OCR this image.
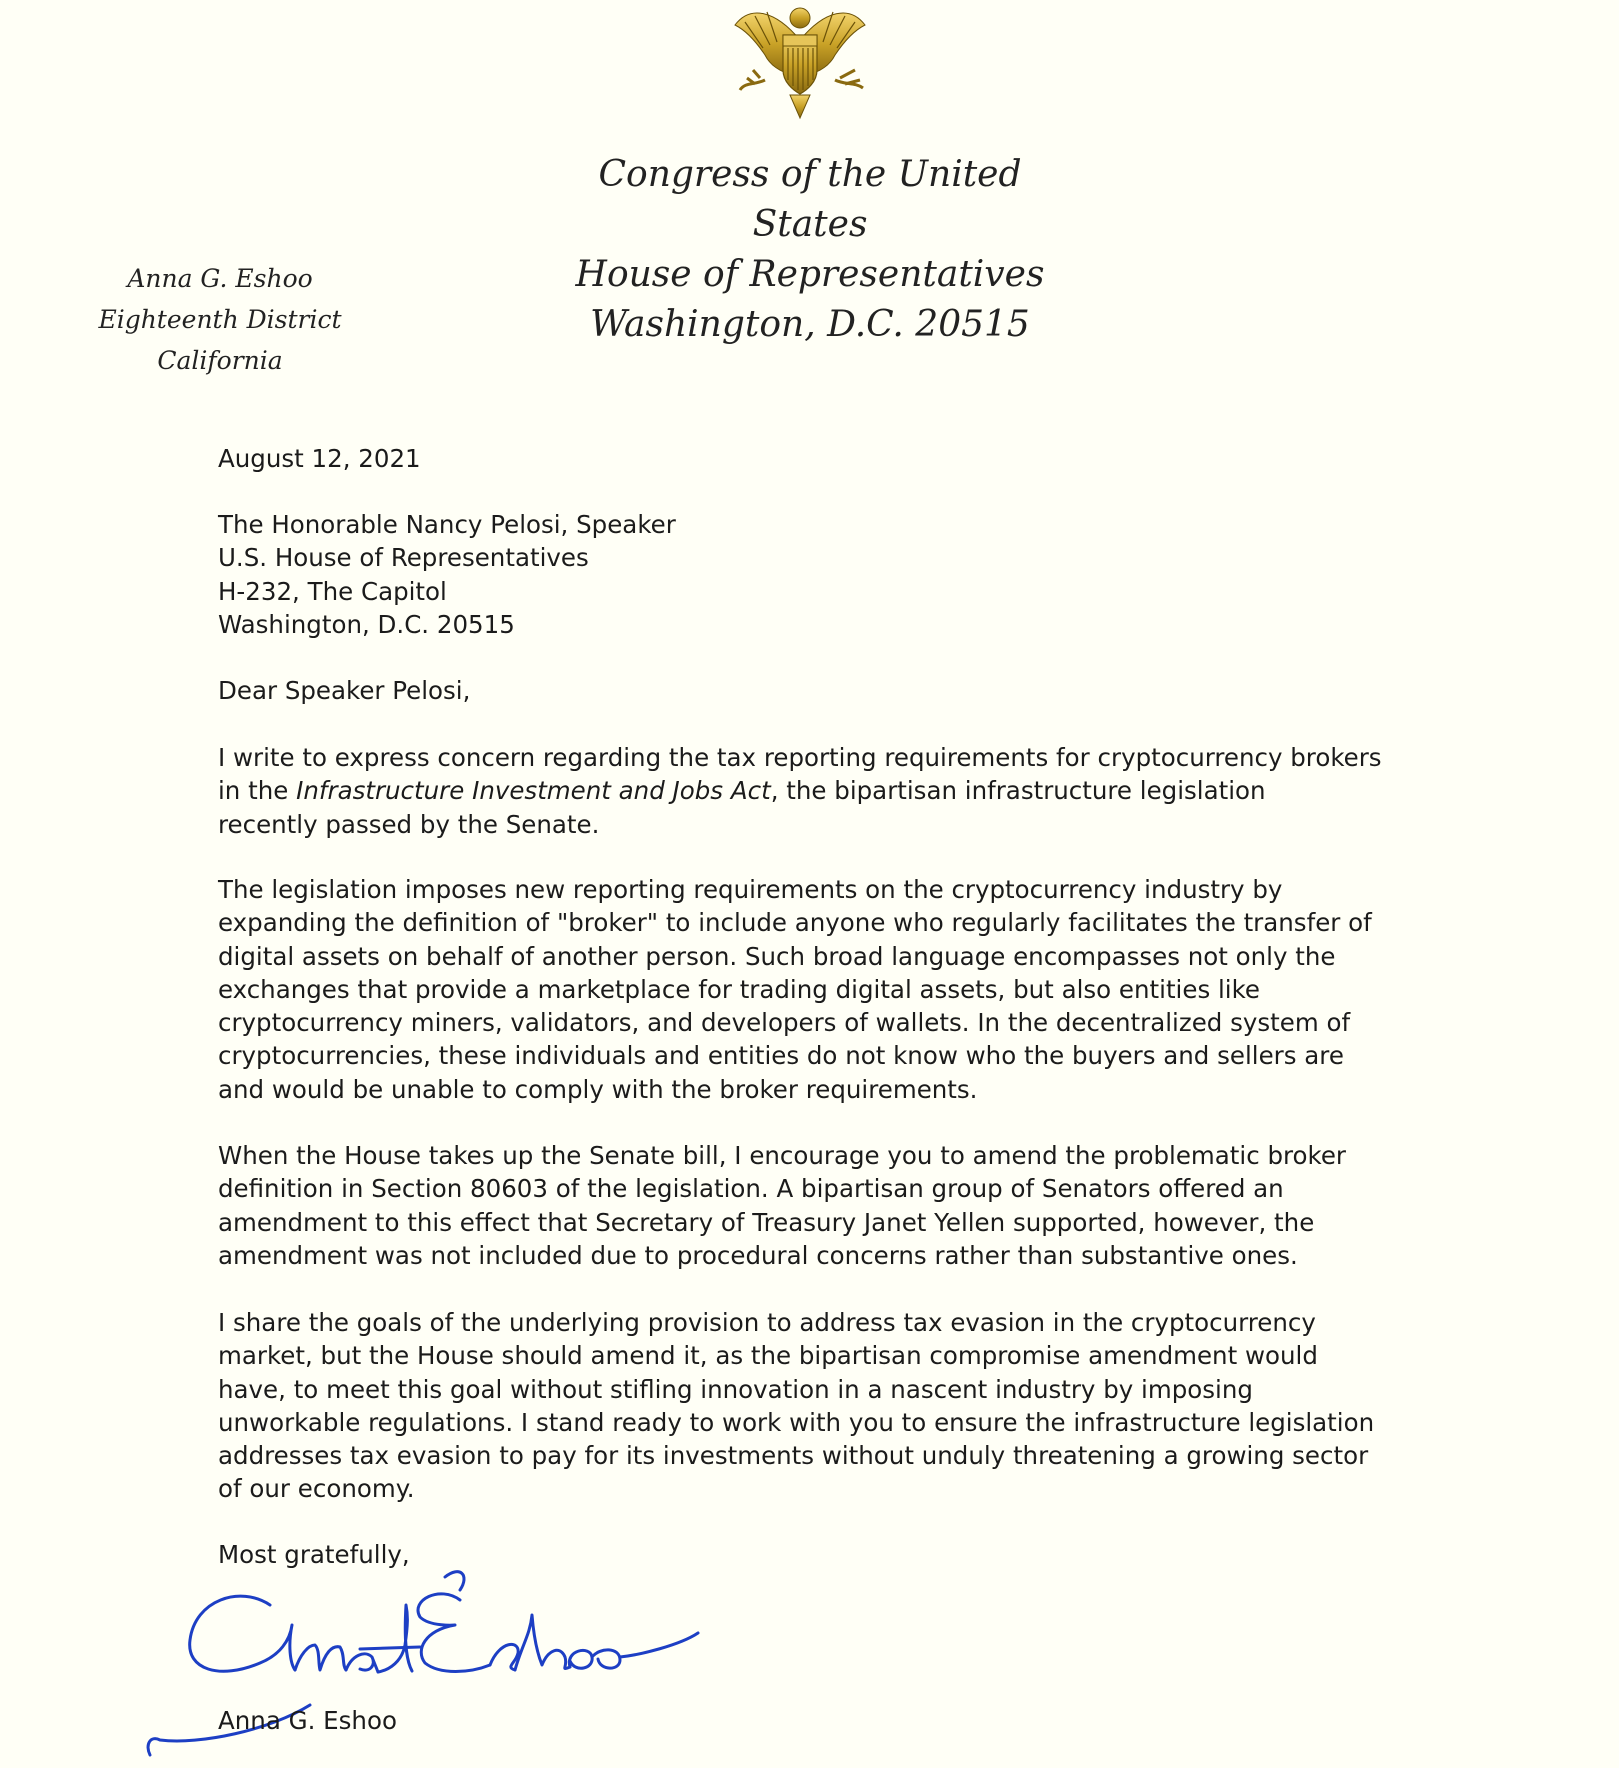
Congress of the United States
House of Representatives
Washington, D.C. 20515
Anna G. Eshoo
Eighteenth District
California
August 12, 2021
The Honorable Nancy Pelosi, Speaker
U.S. House of Representatives
H-232, The Capitol
Washington, D.C. 20515
Dear Speaker Pelosi,
I write to express concern regarding the tax reporting requirements for cryptocurrency brokers
in the Infrastructure Investment and Jobs Act, the bipartisan infrastructure legislation
recently passed by the Senate.
The legislation imposes new reporting requirements on the cryptocurrency industry by
expanding the definition of "broker" to include anyone who regularly facilitates the transfer of
digital assets on behalf of another person. Such broad language encompasses not only the
exchanges that provide a marketplace for trading digital assets, but also entities like
cryptocurrency miners, validators, and developers of wallets. In the decentralized system of
cryptocurrencies, these individuals and entities do not know who the buyers and sellers are
and would be unable to comply with the broker requirements.
When the House takes up the Senate bill, I encourage you to amend the problematic broker
definition in Section 80603 of the legislation. A bipartisan group of Senators offered an
amendment to this effect that Secretary of Treasury Janet Yellen supported, however, the
amendment was not included due to procedural concerns rather than substantive ones.
I share the goals of the underlying provision to address tax evasion in the cryptocurrency
market, but the House should amend it, as the bipartisan compromise amendment would
have, to meet this goal without stifling innovation in a nascent industry by imposing
unworkable regulations. I stand ready to work with you to ensure the infrastructure legislation
addresses tax evasion to pay for its investments without unduly threatening a growing sector
of our economy.
Most gratefully,
Anna G. Eshoo
